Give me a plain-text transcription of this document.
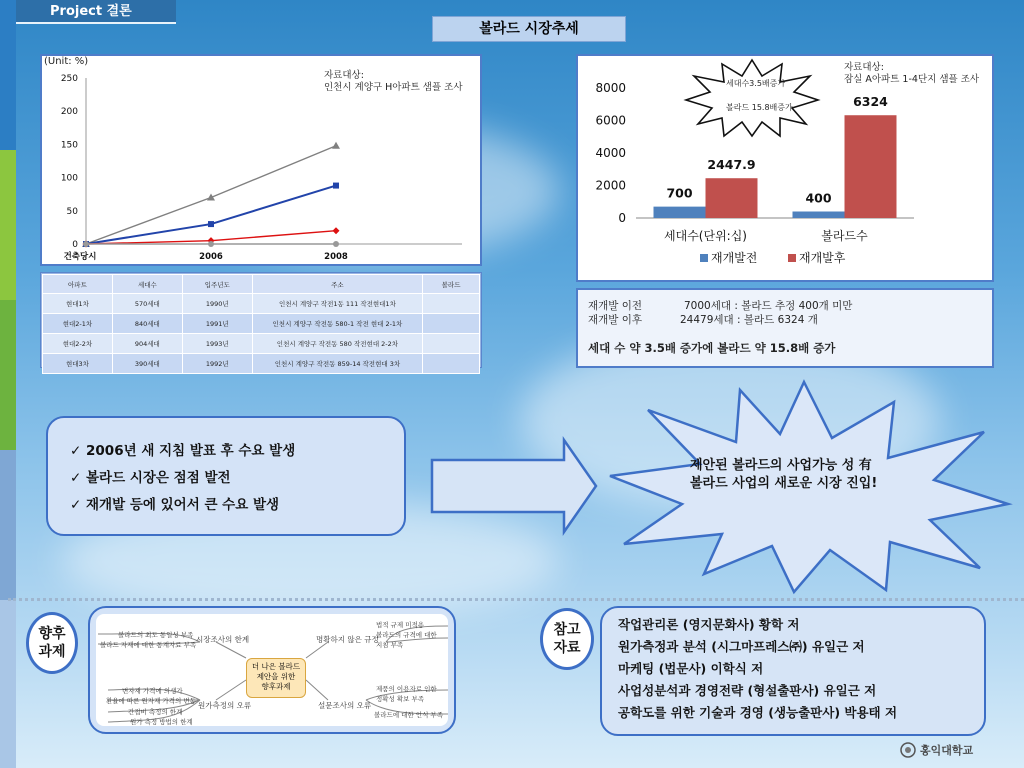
Project 결론
볼라드 시장추세
(Unit: %)
자료대상:
인천시 계양구 H아파트 샘플 조사
0
50
100
150
200
250
건축당시	2006	2008
아파트	세대수	입주년도	주소	볼라드
현대1차	570세대	1990년	인천시 계양구 작전1동 111 작전현대1차	
현대2-1차	840세대	1991년	인천시 계양구 작전동 580-1 작전 현대 2-1차	
현대2-2차	904세대	1993년	인천시 계양구 작전동 580 작전현대 2-2차	
현대3차	390세대	1992년	인천시 계양구 작전동 859-14 작전현대 3차	
자료대상:
잠실 A아파트 1-4단지 샘플 조사
0
2000
4000
6000
8000
세대수(단위:십)
700
2447.9
볼라드수
400
6324
재개발전	재개발후
세대수3.5배증가
볼라드 15.8배증가
재개발 이전	7000세대 : 볼라드 추정 400개 미만
재개발 이후	24479세대 : 볼라드 6324 개
세대 수 약 3.5배 증가에 볼라드 약 15.8배 증가
✓ 2006년 새 지침 발표 후 수요 발생
✓ 볼라드 시장은 점점 발전
✓ 재개발 등에 있어서 큰 수요 발생
제안된 볼라드의 사업가능 성 有
볼라드 사업의 새로운 시장 진입!
향후
과제
더 나은 볼라드
제안을 위한
향후과제
시장조사의 한계
원가측정의 오류
명확하지 않은 규정
설문조사의 오류
볼라드의 최도 통일성 부족
볼라드 자재에 대한 통계자료 부족
변자재 가격에 의생가
환율에 따른 원자재 가격의 변동
간접비 측정의 한계
원가 측정 방법의 한계
법적 규제 미적용
볼라드의 규격에 대한
지침 부족
제품의 이용자로 인한
정확성 확보 부족
볼라드에 대한 인식 부족
참고
자료
작업관리론 (영지문화사) 황학 저
원가측정과 분석 (시그마프레스㈜) 유일근 저
마케팅 (법문사) 이학식 저
사업성분석과 경영전략 (형설출판사) 유일근 저
공학도를 위한 기술과 경영 (생능출판사) 박용태 저
홍익대학교
